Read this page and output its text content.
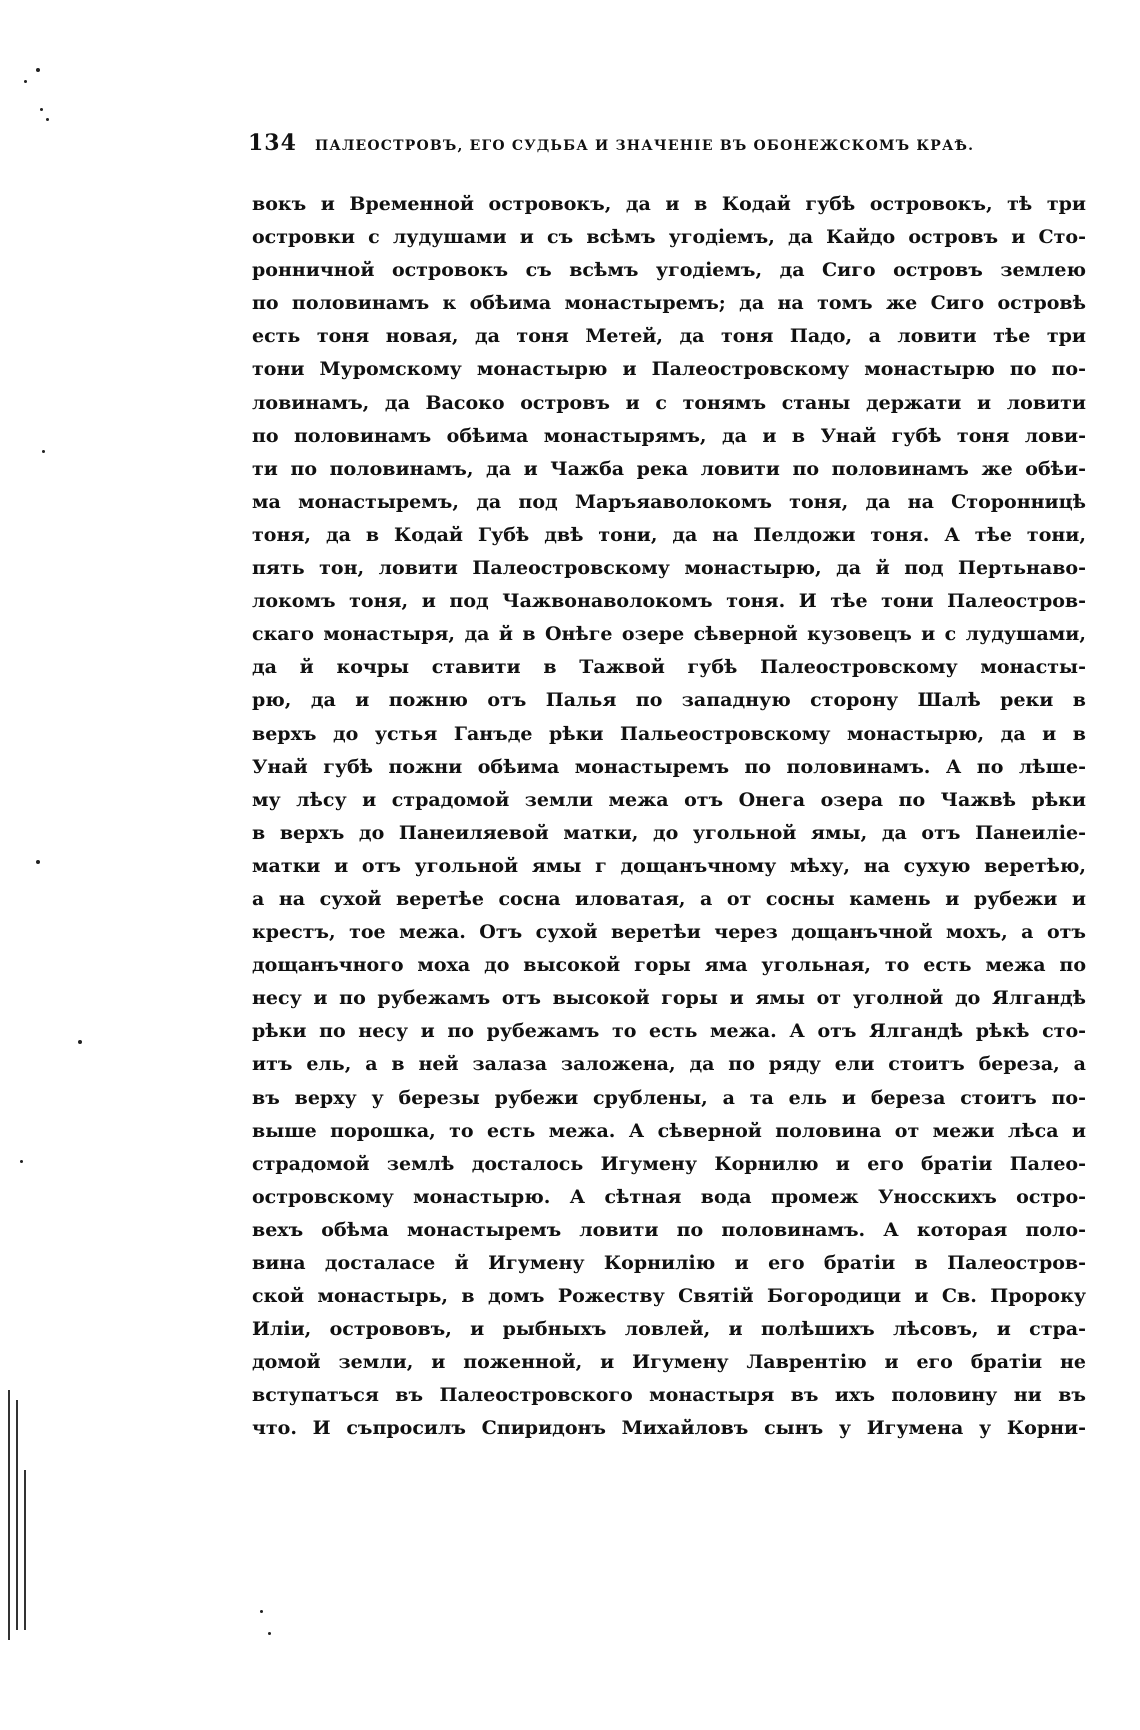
134 ПАЛЕОСТРОВЪ, ЕГО СУДЬБА И ЗНАЧЕНІЕ ВЪ ОБОНЕЖСКОМЪ КРАѢ.
вокъ и Временной островокъ, да и в Кодай губѣ островокъ, тѣ три
островки с лудушами и съ всѣмъ угодіемъ, да Кайдо островъ и Сто-
ронничной островокъ съ всѣмъ угодіемъ, да Сиго островъ землею
по половинамъ к обѣима монастыремъ; да на томъ же Сиго островѣ
есть тоня новая, да тоня Метей, да тоня Падо, а ловити тѣе три
тони Муромскому монастырю и Палеостровскому монастырю по по-
ловинамъ, да Васоко островъ и с тонямъ станы держати и ловити
по половинамъ обѣима монастырямъ, да и в Унай губѣ тоня лови-
ти по половинамъ, да и Чажба река ловити по половинамъ же обѣи-
ма монастыремъ, да под Маръяаволокомъ тоня, да на Сторонницѣ
тоня, да в Кодай Губѣ двѣ тони, да на Пелдожи тоня. А тѣе тони,
пять тон, ловити Палеостровскому монастырю, да й под Пертьнаво-
локомъ тоня, и под Чажвонаволокомъ тоня. И тѣе тони Палеостров-
скаго монастыря, да й в Онѣге озере сѣверной кузовецъ и с лудушами,
да й кочры ставити в Тажвой губѣ Палеостровскому монасты-
рю, да и пожню отъ Палья по западную сторону Шалѣ реки в
верхъ до устья Ганъде рѣки Пальеостровскому монастырю, да и в
Унай губѣ пожни обѣима монастыремъ по половинамъ. А по лѣше-
му лѣсу и страдомой земли межа отъ Онега озера по Чажвѣ рѣки
в верхъ до Панеиляевой матки, до угольной ямы, да отъ Панеилiе-
матки и отъ угольной ямы г дощанъчному мѣху, на сухую веретѣю,
а на сухой веретѣе сосна иловатая, а от сосны камень и рубежи и
крестъ, тое межа. Отъ сухой веретѣи через дощанъчной мохъ, а отъ
дощанъчного моха до высокой горы яма угольная, то есть межа по
несу и по рубежамъ отъ высокой горы и ямы от уголной до Ялгандѣ
рѣки по несу и по рубежамъ то есть межа. А отъ Ялгандѣ рѣкѣ сто-
итъ ель, а в ней залаза заложена, да по ряду ели стоитъ береза, а
въ верху у березы рубежи срублены, а та ель и береза стоитъ по-
выше порошка, то есть межа. А сѣверной половина от межи лѣса и
страдомой землѣ досталось Игумену Корнилю и его братіи Палео-
островскому монастырю. А сѣтная вода промеж Уносскихъ остро-
вехъ обѣма монастыремъ ловити по половинамъ. А которая поло-
вина досталасе й Игумену Корнилію и его братіи в Палеостров-
ской монастырь, в домъ Рожеству Святій Богородици и Св. Пророку
Иліи, острововъ, и рыбныхъ ловлей, и полѣшихъ лѣсовъ, и стра-
домой земли, и поженной, и Игумену Лаврентію и его братіи не
вступатъся въ Палеостровского монастыря въ ихъ половину ни въ
что. И съпросилъ Спиридонъ Михайловъ сынъ у Игумена у Корни-
